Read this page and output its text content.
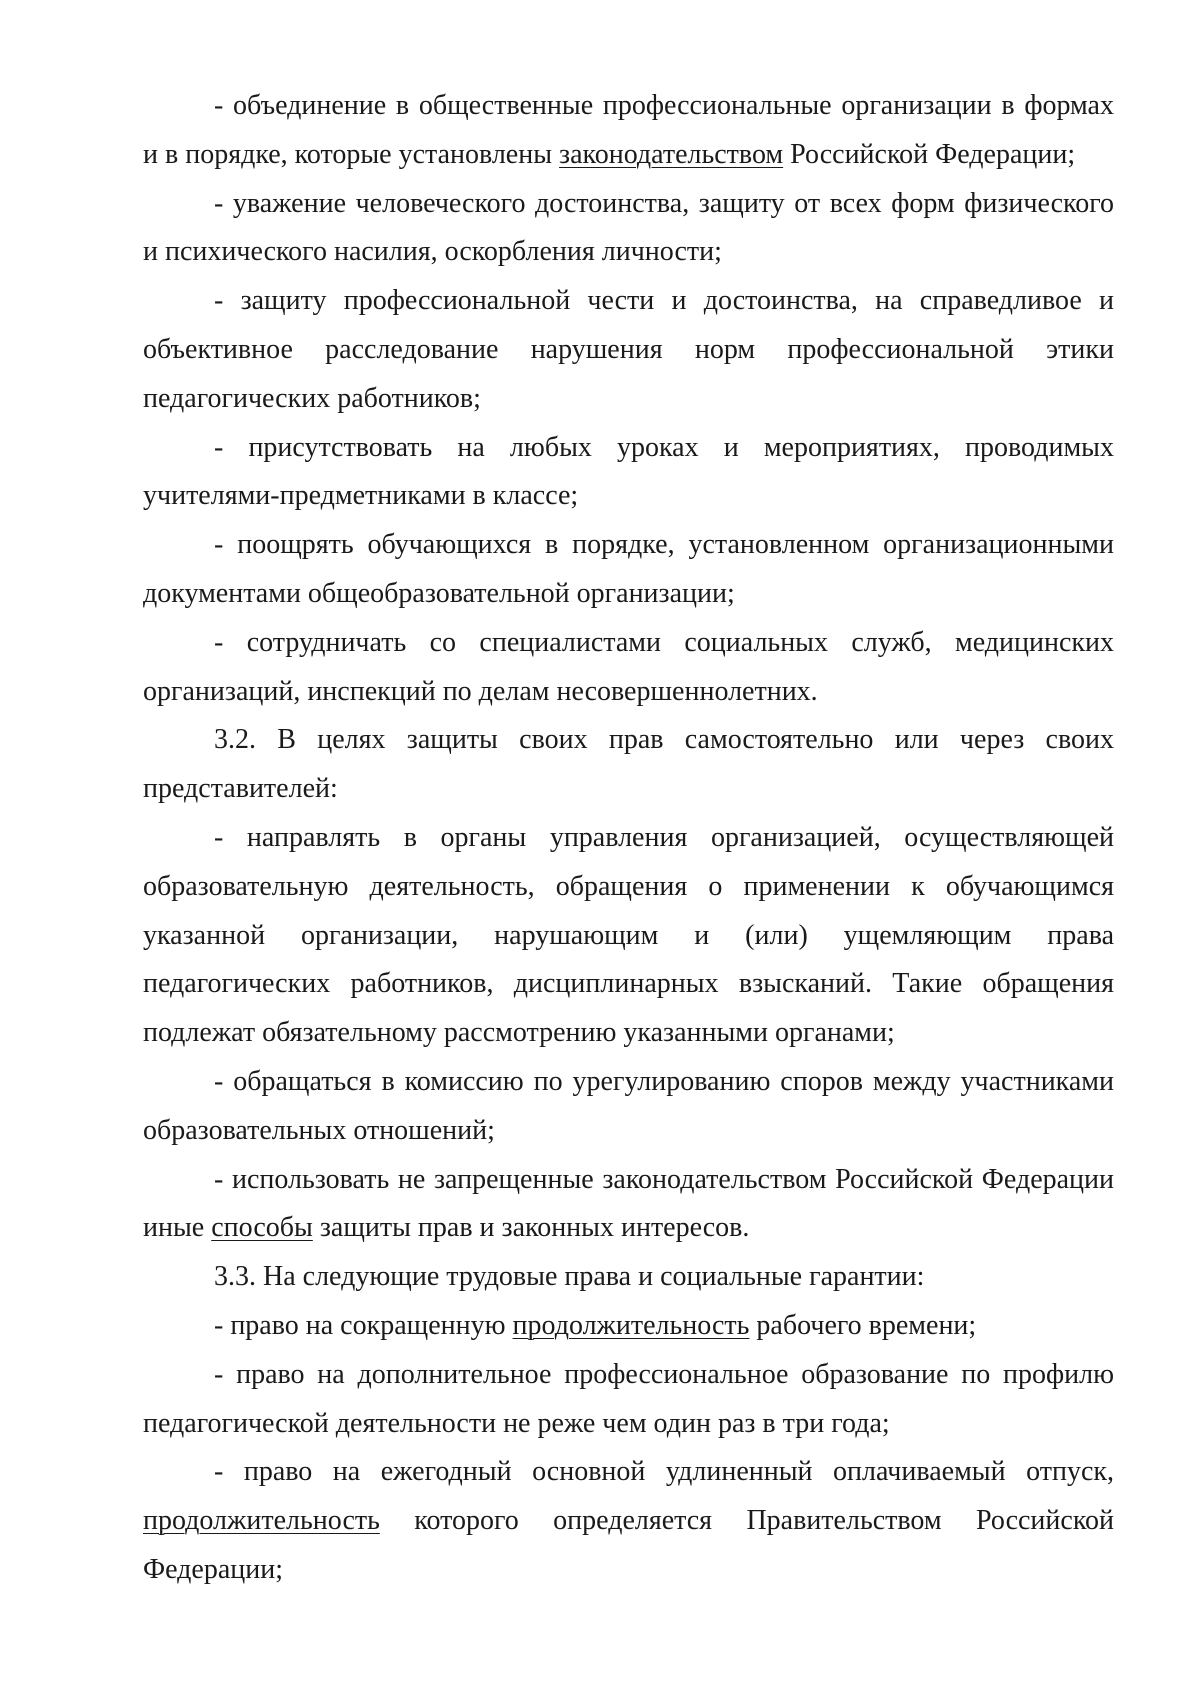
- объединение в общественные профессиональные организации в формах и в порядке, которые установлены законодательством Российской Федерации;

- уважение человеческого достоинства, защиту от всех форм физического и психического насилия, оскорбления личности;

- защиту профессиональной чести и достоинства, на справедливое и объективное расследование нарушения норм профессиональной этики педагогических работников;

- присутствовать на любых уроках и мероприятиях, проводимых учителями-предметниками в классе;

- поощрять обучающихся в порядке, установленном организационными документами общеобразовательной организации;

- сотрудничать со специалистами социальных служб, медицинских организаций, инспекций по делам несовершеннолетних.

3.2. В целях защиты своих прав самостоятельно или через своих представителей:

- направлять в органы управления организацией, осуществляющей образовательную деятельность, обращения о применении к обучающимся указанной организации, нарушающим и (или) ущемляющим права педагогических работников, дисциплинарных взысканий. Такие обращения подлежат обязательному рассмотрению указанными органами;

- обращаться в комиссию по урегулированию споров между участниками образовательных отношений;

- использовать не запрещенные законодательством Российской Федерации иные способы защиты прав и законных интересов.

3.3. На следующие трудовые права и социальные гарантии:

- право на сокращенную продолжительность рабочего времени;

- право на дополнительное профессиональное образование по профилю педагогической деятельности не реже чем один раз в три года;

- право на ежегодный основной удлиненный оплачиваемый отпуск, продолжительность которого определяется Правительством Российской Федерации;
